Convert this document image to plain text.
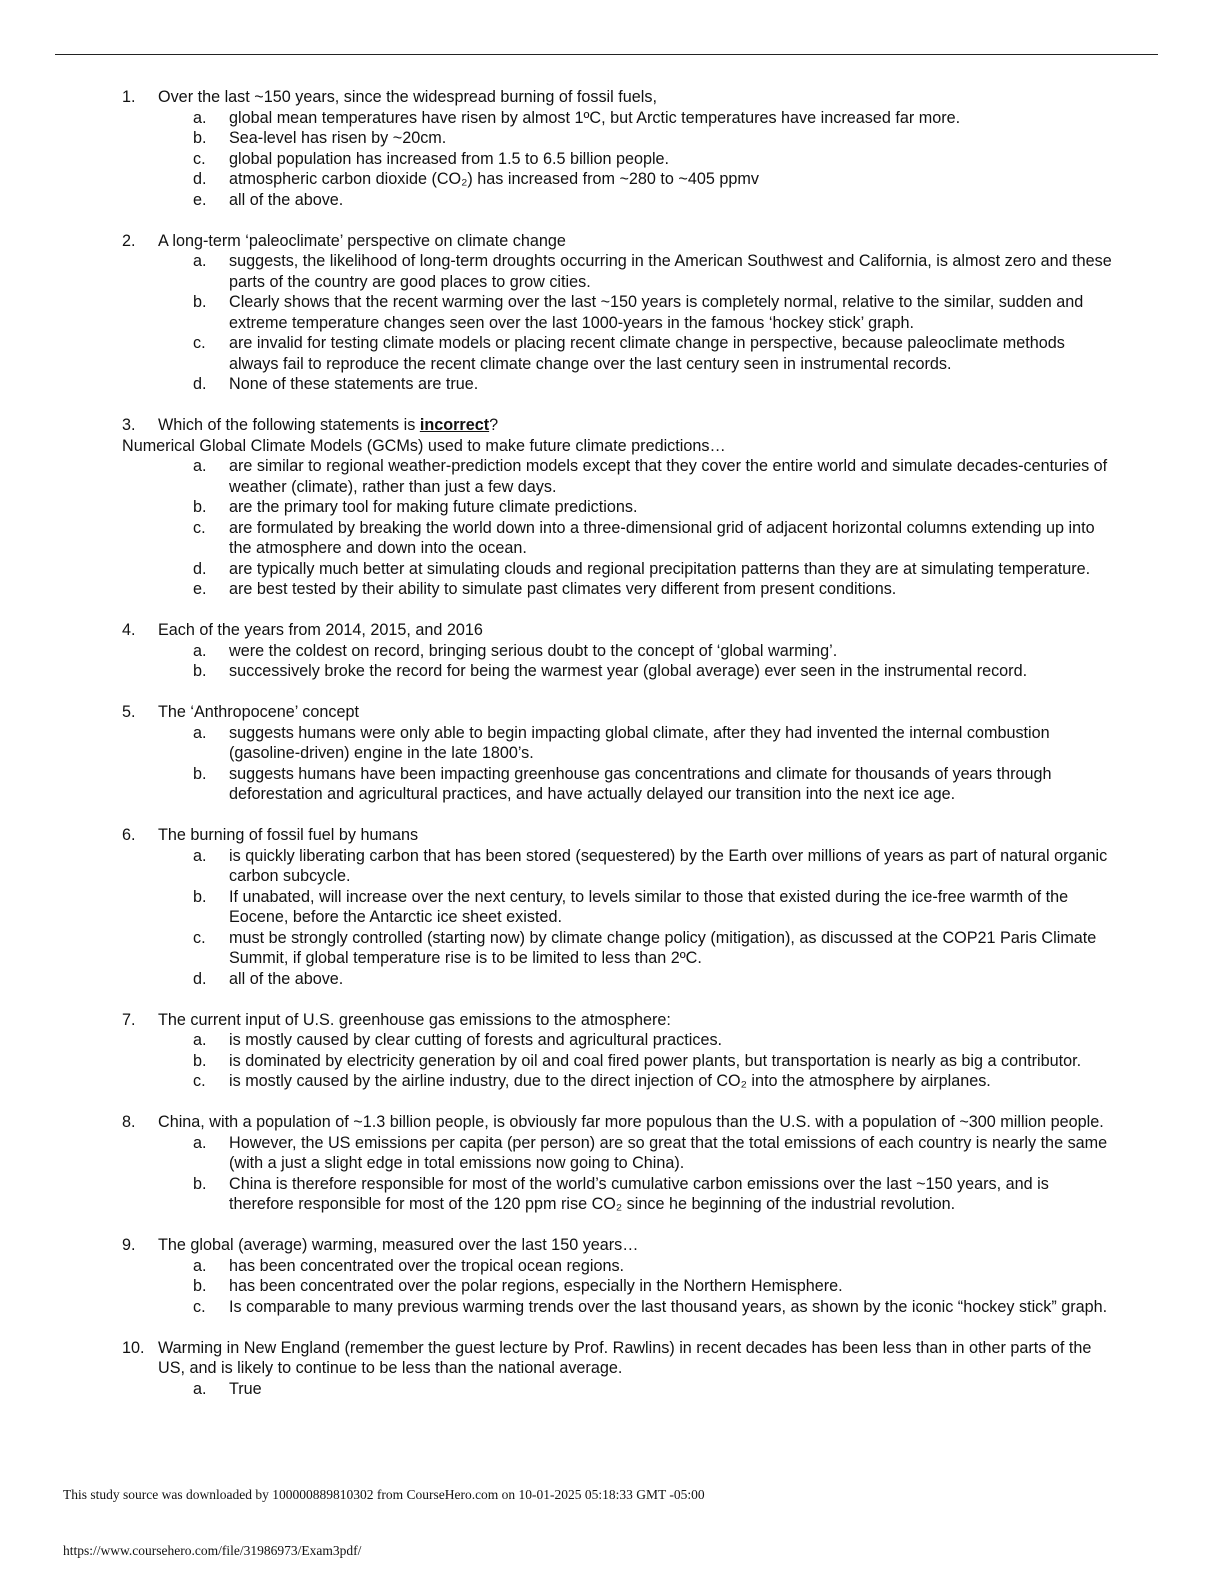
1.	Over the last ~150 years, since the widespread burning of fossil fuels,
a.	global mean temperatures have risen by almost 1ºC, but Arctic temperatures have increased far more.
b.	Sea-level has risen by ~20cm.
c.	global population has increased from 1.5 to 6.5 billion people.
d.	atmospheric carbon dioxide (CO₂) has increased from ~280 to ~405 ppmv
e.	all of the above.
2.	A long-term ‘paleoclimate’ perspective on climate change
a.	suggests, the likelihood of long-term droughts occurring in the American Southwest and California, is almost zero and these parts of the country are good places to grow cities.
b.	Clearly shows that the recent warming over the last ~150 years is completely normal, relative to the similar, sudden and extreme temperature changes seen over the last 1000-years in the famous ‘hockey stick’ graph.
c.	are invalid for testing climate models or placing recent climate change in perspective, because paleoclimate methods always fail to reproduce the recent climate change over the last century seen in instrumental records.
d.	None of these statements are true.
3.	Which of the following statements is incorrect?
Numerical Global Climate Models (GCMs) used to make future climate predictions…
a.	are similar to regional weather-prediction models except that they cover the entire world and simulate decades-centuries of weather (climate), rather than just a few days.
b.	are the primary tool for making future climate predictions.
c.	are formulated by breaking the world down into a three-dimensional grid of adjacent horizontal columns extending up into the atmosphere and down into the ocean.
d.	are typically much better at simulating clouds and regional precipitation patterns than they are at simulating temperature.
e.	are best tested by their ability to simulate past climates very different from present conditions.
4.	Each of the years from 2014, 2015, and 2016
a.	were the coldest on record, bringing serious doubt to the concept of ‘global warming’.
b.	successively broke the record for being the warmest year (global average) ever seen in the instrumental record.
5.	The ‘Anthropocene’ concept
a.	suggests humans were only able to begin impacting global climate, after they had invented the internal combustion (gasoline-driven) engine in the late 1800’s.
b.	suggests humans have been impacting greenhouse gas concentrations and climate for thousands of years through deforestation and agricultural practices, and have actually delayed our transition into the next ice age.
6.	The burning of fossil fuel by humans
a.	is quickly liberating carbon that has been stored (sequestered) by the Earth over millions of years as part of natural organic carbon subcycle.
b.	If unabated, will increase over the next century, to levels similar to those that existed during the ice-free warmth of the Eocene, before the Antarctic ice sheet existed.
c.	must be strongly controlled (starting now) by climate change policy (mitigation), as discussed at the COP21 Paris Climate Summit, if global temperature rise is to be limited to less than 2ºC.
d.	all of the above.
7.	The current input of U.S. greenhouse gas emissions to the atmosphere:
a.	is mostly caused by clear cutting of forests and agricultural practices.
b.	is dominated by electricity generation by oil and coal fired power plants, but transportation is nearly as big a contributor.
c.	is mostly caused by the airline industry, due to the direct injection of CO₂ into the atmosphere by airplanes.
8.	China, with a population of ~1.3 billion people, is obviously far more populous than the U.S. with a population of ~300 million people.
a.	However, the US emissions per capita (per person) are so great that the total emissions of each country is nearly the same (with a just a slight edge in total emissions now going to China).
b.	China is therefore responsible for most of the world’s cumulative carbon emissions over the last ~150 years, and is therefore responsible for most of the 120 ppm rise CO₂ since he beginning of the industrial revolution.
9.	The global (average) warming, measured over the last 150 years…
a.	has been concentrated over the tropical ocean regions.
b.	has been concentrated over the polar regions, especially in the Northern Hemisphere.
c.	Is comparable to many previous warming trends over the last thousand years, as shown by the iconic “hockey stick” graph.
10. Warming in New England (remember the guest lecture by Prof. Rawlins) in recent decades has been less than in other parts of the US, and is likely to continue to be less than the national average.
a.	True
This study source was downloaded by 100000889810302 from CourseHero.com on 10-01-2025 05:18:33 GMT -05:00
https://www.coursehero.com/file/31986973/Exam3pdf/
